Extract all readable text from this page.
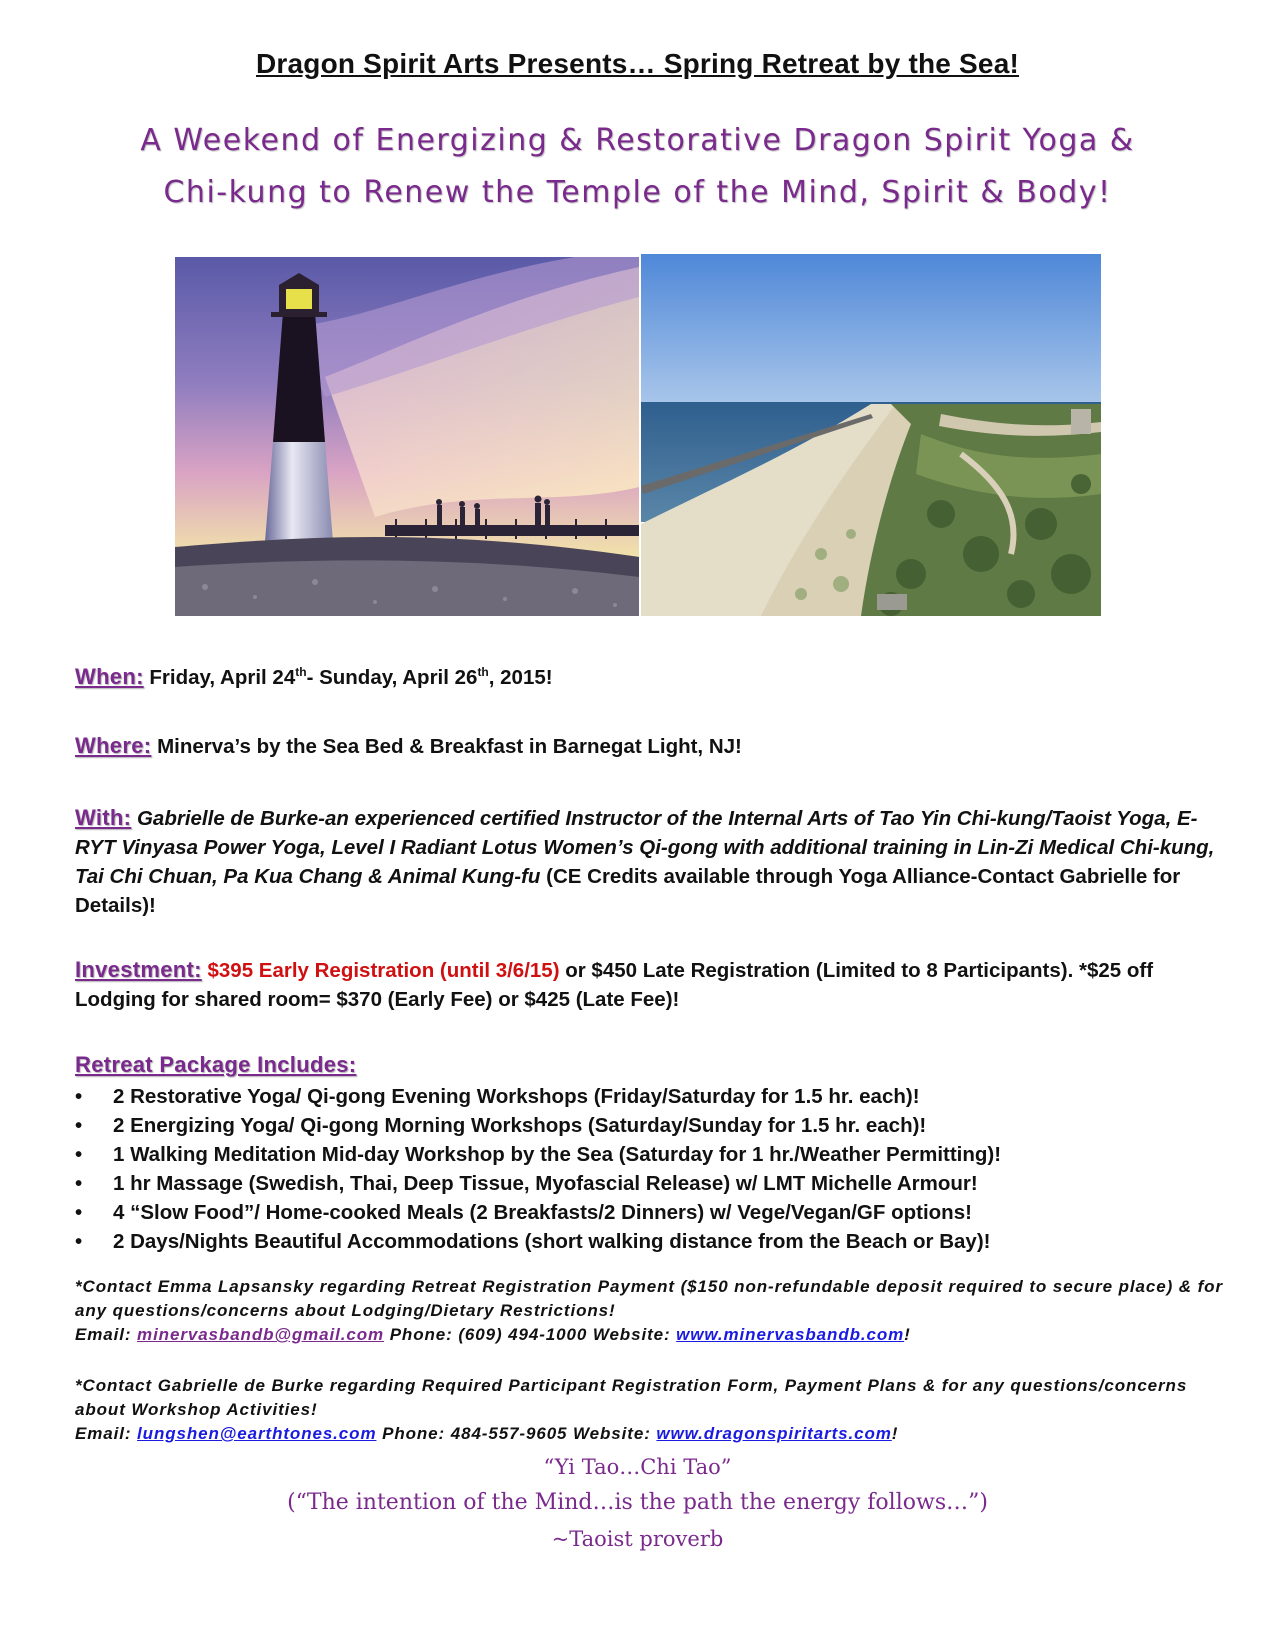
Dragon Spirit Arts Presents… Spring Retreat by the Sea!
A Weekend of Energizing & Restorative Dragon Spirit Yoga &
Chi-kung to Renew the Temple of the Mind, Spirit & Body!
When: Friday, April 24th- Sunday, April 26th, 2015!
Where: Minerva’s by the Sea Bed & Breakfast in Barnegat Light, NJ!
With: Gabrielle de Burke-an experienced certified Instructor of the Internal Arts of Tao Yin Chi-kung/Taoist Yoga, E-RYT Vinyasa Power Yoga, Level I Radiant Lotus Women’s Qi-gong with additional training in Lin-Zi Medical Chi-kung, Tai Chi Chuan, Pa Kua Chang & Animal Kung-fu (CE Credits available through Yoga Alliance-Contact Gabrielle for Details)!
Investment: $395 Early Registration (until 3/6/15) or $450 Late Registration (Limited to 8 Participants). *$25 off Lodging for shared room= $370 (Early Fee) or $425 (Late Fee)!
Retreat Package Includes:
• 2 Restorative Yoga/ Qi-gong Evening Workshops (Friday/Saturday for 1.5 hr. each)!
• 2 Energizing Yoga/ Qi-gong Morning Workshops (Saturday/Sunday for 1.5 hr. each)!
• 1 Walking Meditation Mid-day Workshop by the Sea (Saturday for 1 hr./Weather Permitting)!
• 1 hr Massage (Swedish, Thai, Deep Tissue, Myofascial Release) w/ LMT Michelle Armour!
• 4 “Slow Food”/ Home-cooked Meals (2 Breakfasts/2 Dinners) w/ Vege/Vegan/GF options!
• 2 Days/Nights Beautiful Accommodations (short walking distance from the Beach or Bay)!
*Contact Emma Lapsansky regarding Retreat Registration Payment ($150 non-refundable deposit required to secure place) & for any questions/concerns about Lodging/Dietary Restrictions!
Email: minervasbandb@gmail.com Phone: (609) 494-1000 Website: www.minervasbandb.com!
*Contact Gabrielle de Burke regarding Required Participant Registration Form, Payment Plans & for any questions/concerns about Workshop Activities!
Email: lungshen@earthtones.com Phone: 484-557-9605 Website: www.dragonspiritarts.com!
“Yi Tao…Chi Tao”
(“The intention of the Mind…is the path the energy follows…”)
~Taoist proverb
